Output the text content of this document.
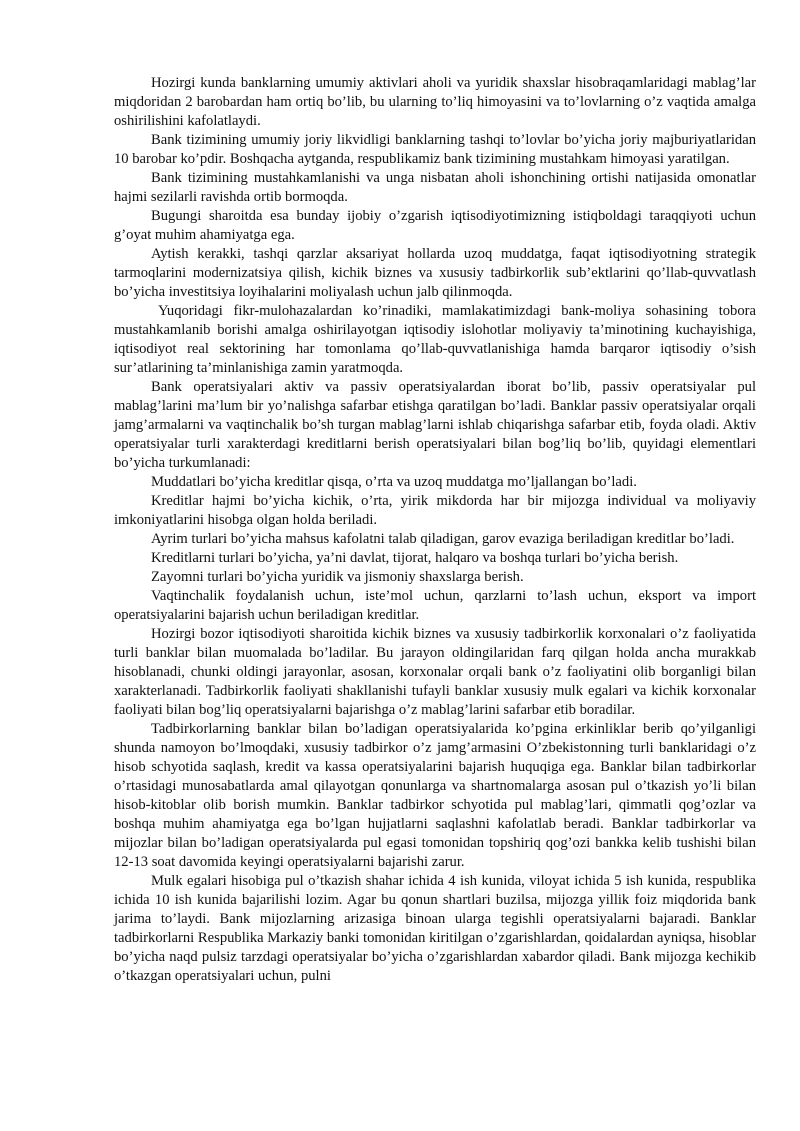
Hozirgi kunda banklarning umumiy aktivlari aholi va yuridik shaxslar hisobraqamlaridagi mablag’lar miqdoridan 2 barobardan ham ortiq bo’lib, bu ularning to’liq himoyasini va to’lovlarning o’z vaqtida amalga oshirilishini kafolatlaydi.

Bank tizimining umumiy joriy likvidligi banklarning tashqi to’lovlar bo’yicha joriy majburiyatlaridan 10 barobar ko’pdir. Boshqacha aytganda, respublikamiz bank tizimining mustahkam himoyasi yaratilgan.

Bank tizimining mustahkamlanishi va unga nisbatan aholi ishonchining ortishi natijasida omonatlar hajmi sezilarli ravishda ortib bormoqda.

Bugungi sharoitda esa bunday ijobiy o’zgarish iqtisodiyotimizning istiqboldagi taraqqiyoti uchun g’oyat muhim ahamiyatga ega.

Aytish kerakki, tashqi qarzlar aksariyat hollarda uzoq muddatga, faqat iqtisodiyotning strategik tarmoqlarini modernizatsiya qilish, kichik biznes va xususiy tadbirkorlik sub’ektlarini qo’llab-quvvatlash bo’yicha investitsiya loyihalarini moliyalash uchun jalb qilinmoqda.

Yuqoridagi fikr-mulohazalardan ko’rinadiki, mamlakatimizdagi bank-moliya sohasining tobora mustahkamlanib borishi amalga oshirilayotgan iqtisodiy islohotlar moliyaviy ta’minotining kuchayishiga, iqtisodiyot real sektorining har tomonlama qo’llab-quvvatlanishiga hamda barqaror iqtisodiy o’sish sur’atlarining ta’minlanishiga zamin yaratmoqda.

Bank operatsiyalari aktiv va passiv operatsiyalardan iborat bo’lib, passiv operatsiyalar pul mablag’larini ma’lum bir yo’nalishga safarbar etishga qaratilgan bo’ladi. Banklar passiv operatsiyalar orqali jamg’armalarni va vaqtinchalik bo’sh turgan mablag’larni ishlab chiqarishga safarbar etib, foyda oladi. Aktiv operatsiyalar turli xarakterdagi kreditlarni berish operatsiyalari bilan bog’liq bo’lib, quyidagi elementlari bo’yicha turkumlanadi:

Muddatlari bo’yicha kreditlar qisqa, o’rta va uzoq muddatga mo’ljallangan bo’ladi.

Kreditlar hajmi bo’yicha kichik, o’rta, yirik mikdorda har bir mijozga individual va moliyaviy imkoniyatlarini hisobga olgan holda beriladi.

Ayrim turlari bo’yicha mahsus kafolatni talab qiladigan, garov evaziga beriladigan kreditlar bo’ladi.

Kreditlarni turlari bo’yicha, ya’ni davlat, tijorat, halqaro va boshqa turlari bo’yicha berish.

Zayomni turlari bo’yicha yuridik va jismoniy shaxslarga berish.

Vaqtinchalik foydalanish uchun, iste’mol uchun, qarzlarni to’lash uchun, eksport va import operatsiyalarini bajarish uchun beriladigan kreditlar.

Hozirgi bozor iqtisodiyoti sharoitida kichik biznes va xususiy tadbirkorlik korxonalari o’z faoliyatida turli banklar bilan muomalada bo’ladilar. Bu jarayon oldingilaridan farq qilgan holda ancha murakkab hisoblanadi, chunki oldingi jarayonlar, asosan, korxonalar orqali bank o’z faoliyatini olib borganligi bilan xarakterlanadi. Tadbirkorlik faoliyati shakllanishi tufayli banklar xususiy mulk egalari va kichik korxonalar faoliyati bilan bog’liq operatsiyalarni bajarishga o’z mablag’larini safarbar etib boradilar.

Tadbirkorlarning banklar bilan bo’ladigan operatsiyalarida ko’pgina erkinliklar berib qo’yilganligi shunda namoyon bo’lmoqdaki, xususiy tadbirkor o’z jamg’armasini O’zbekistonning turli banklaridagi o’z hisob schyotida saqlash, kredit va kassa operatsiyalarini bajarish huquqiga ega. Banklar bilan tadbirkorlar o’rtasidagi munosabatlarda amal qilayotgan qonunlarga va shartnomalarga asosan pul o’tkazish yo’li bilan hisob-kitoblar olib borish mumkin. Banklar tadbirkor schyotida pul mablag’lari, qimmatli qog’ozlar va boshqa muhim ahamiyatga ega bo’lgan hujjatlarni saqlashni kafolatlab beradi. Banklar tadbirkorlar va mijozlar bilan bo’ladigan operatsiyalarda pul egasi tomonidan topshiriq qog’ozi bankka kelib tushishi bilan 12-13 soat davomida keyingi operatsiyalarni bajarishi zarur.

Mulk egalari hisobiga pul o’tkazish shahar ichida 4 ish kunida, viloyat ichida 5 ish kunida, respublika ichida 10 ish kunida bajarilishi lozim. Agar bu qonun shartlari buzilsa, mijozga yillik foiz miqdorida bank jarima to’laydi. Bank mijozlarning arizasiga binoan ularga tegishli operatsiyalarni bajaradi. Banklar tadbirkorlarni Respublika Markaziy banki tomonidan kiritilgan o’zgarishlardan, qoidalardan ayniqsa, hisoblar bo’yicha naqd pulsiz tarzdagi operatsiyalar bo’yicha o’zgarishlardan xabardor qiladi. Bank mijozga kechikib o’tkazgan operatsiyalari uchun, pulni
